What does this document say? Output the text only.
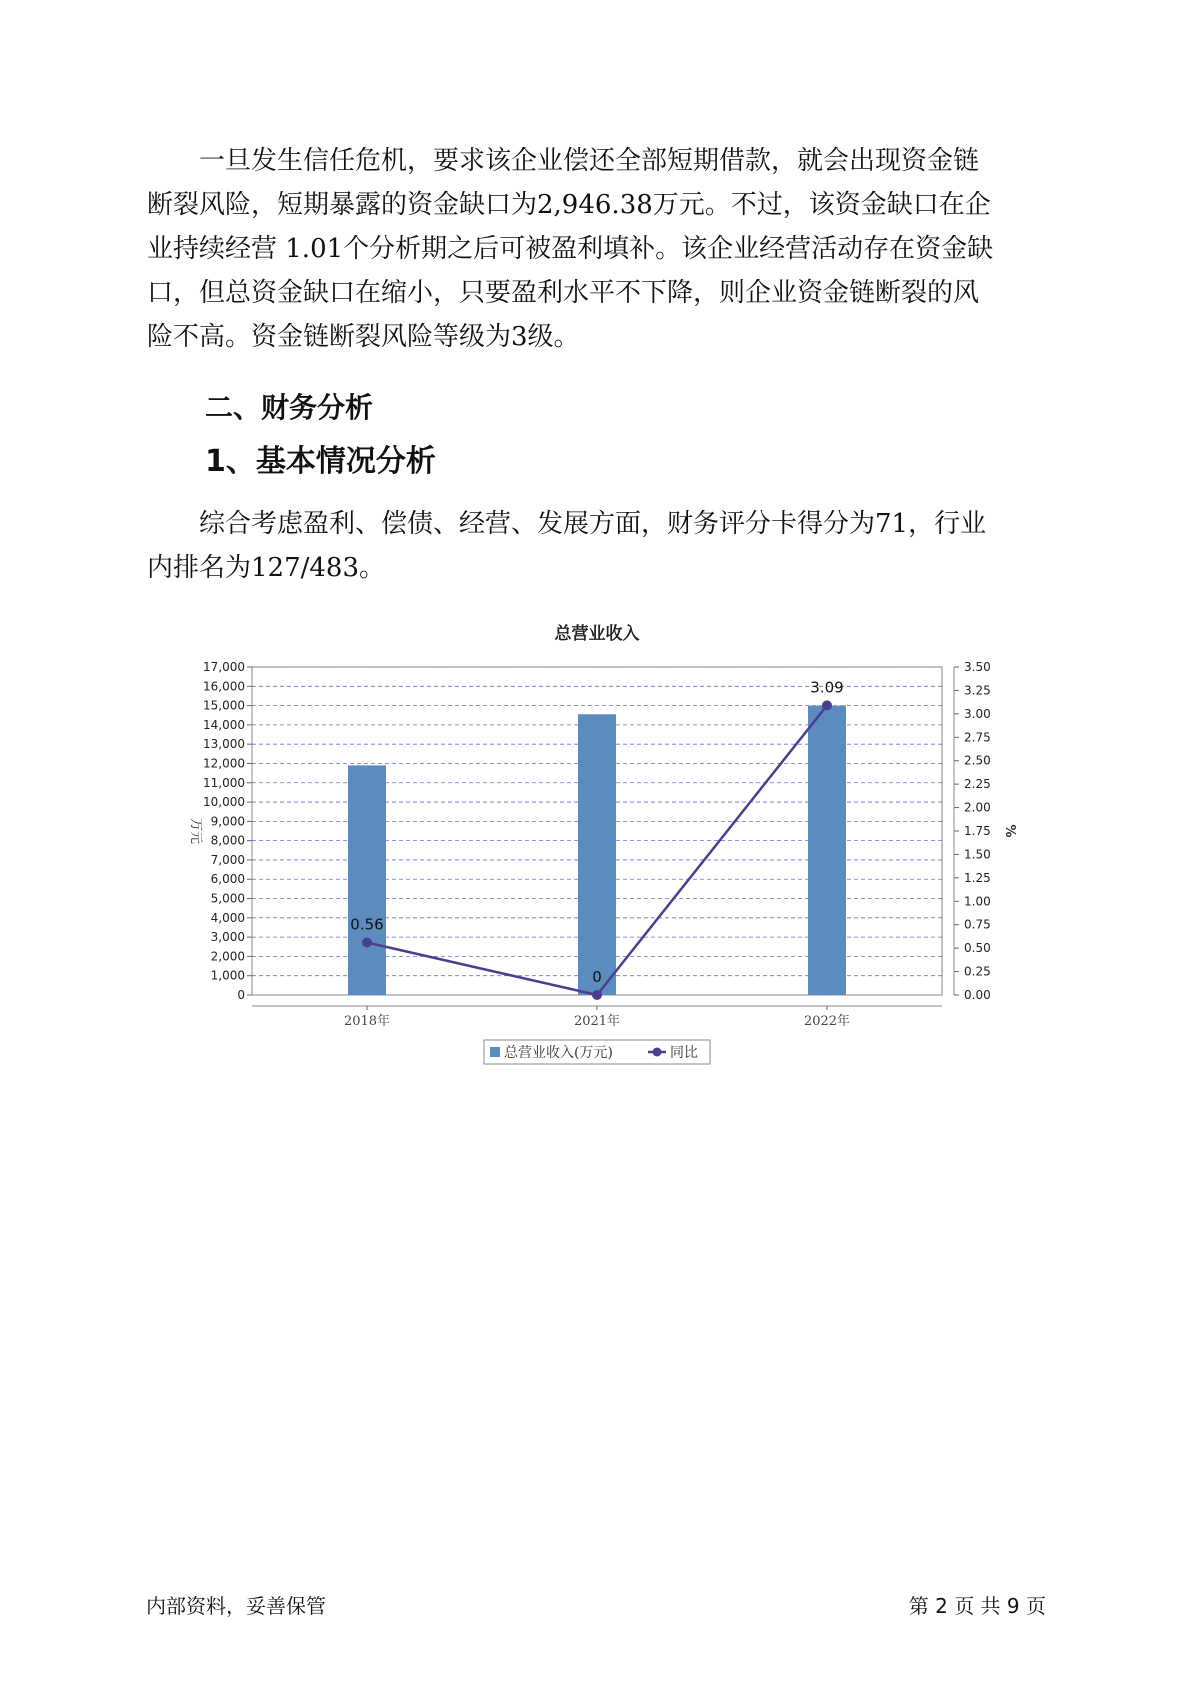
一旦发生信任危机，要求该企业偿还全部短期借款，就会出现资金链
断裂风险，短期暴露的资金缺口为2,946.38万元。不过，该资金缺口在企
业持续经营 1.01个分析期之后可被盈利填补。该企业经营活动存在资金缺
口，但总资金缺口在缩小，只要盈利水平不下降，则企业资金链断裂的风
险不高。资金链断裂风险等级为3级。
二、财务分析
1、基本情况分析
综合考虑盈利、偿债、经营、发展方面，财务评分卡得分为71，行业
内排名为127/483。
总营业收入
0
1,000
2,000
3,000
4,000
5,000
6,000
7,000
8,000
9,000
10,000
11,000
12,000
13,000
14,000
15,000
16,000
17,000
0.00
0.25
0.50
0.75
1.00
1.25
1.50
1.75
2.00
2.25
2.50
2.75
3.00
3.25
3.50
万元	%
2018年	2021年	2022年
0.56
0
3.09
总营业收入(万元)	同比
内部资料，妥善保管	第 2 页 共 9 页
